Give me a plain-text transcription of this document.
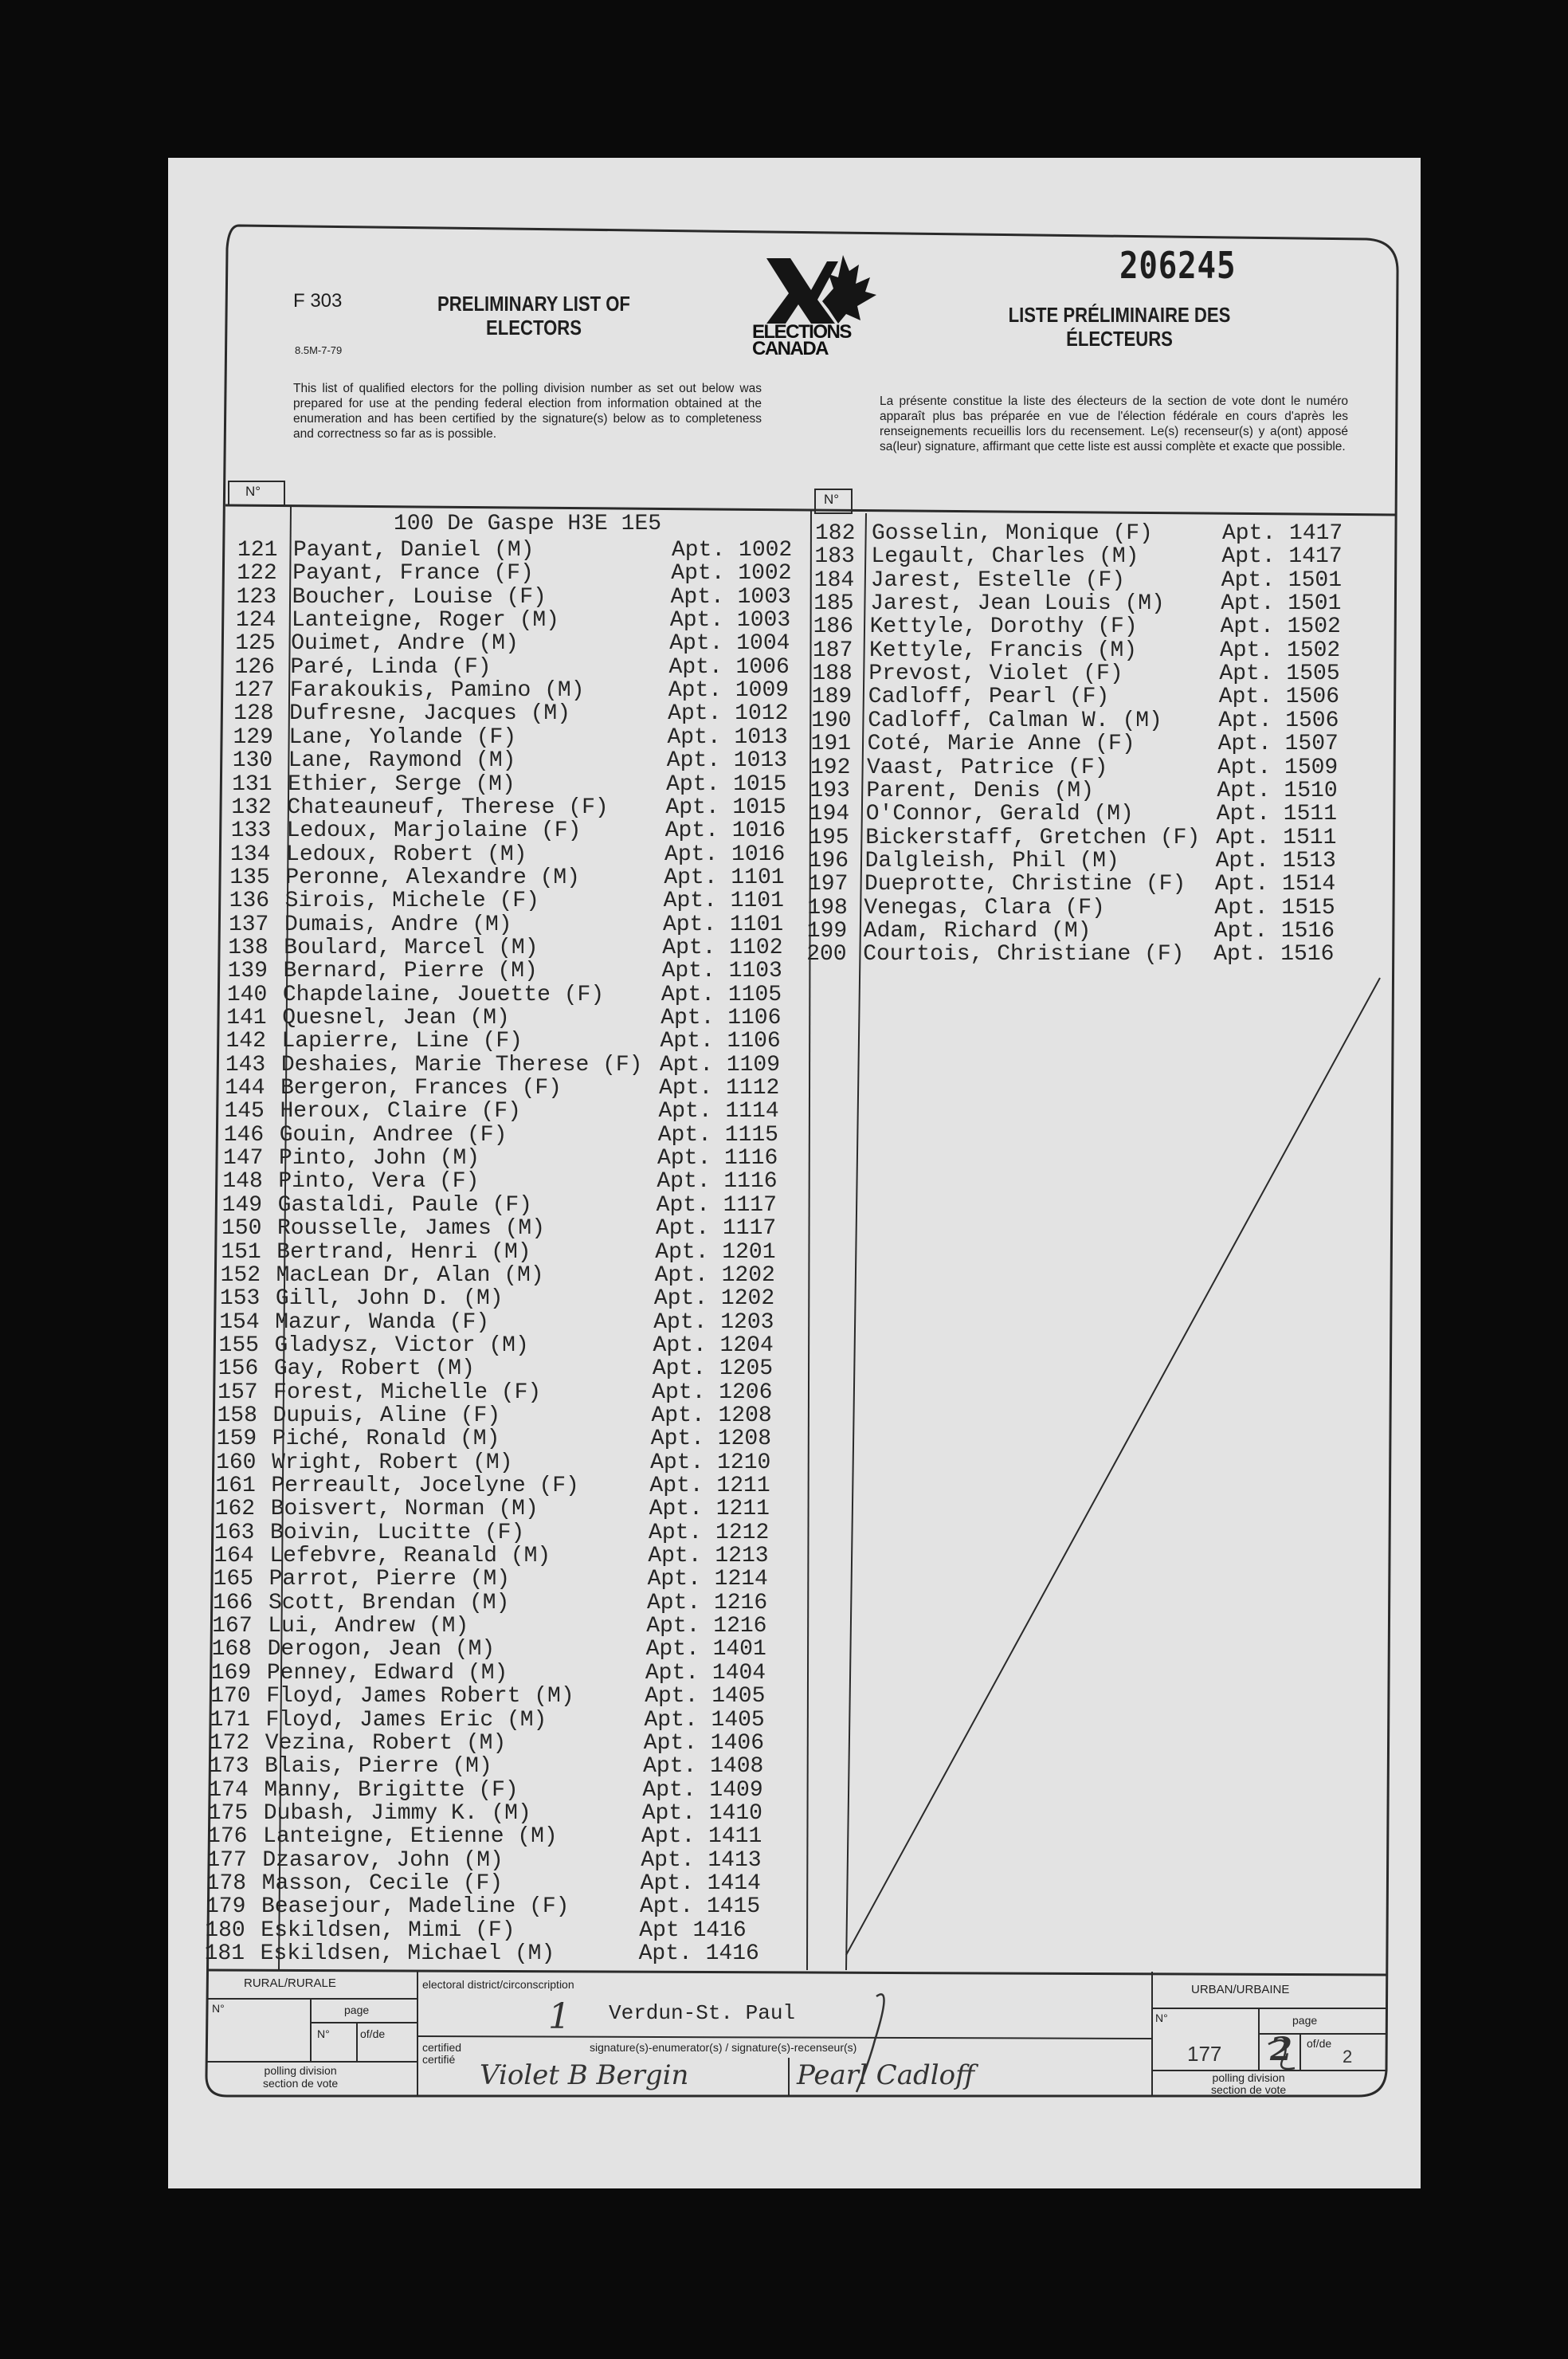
206245
F 303
8.5M-7-79
PRELIMINARY LIST OF
ELECTORS
LISTE PRÉLIMINAIRE DES
ÉLECTEURS
ELECTIONS
CANADA
This list of qualified electors for the polling division number as set out below was prepared for use at the pending federal election from information obtained at the enumeration and has been certified by the signature(s) below as to completeness and correctness so far as is possible.
La présente constitue la liste des électeurs de la section de vote dont le numéro apparaît plus bas préparée en vue de l'élection fédérale en cours d'après les renseignements recueillis lors du recensement. Le(s) recenseur(s) y a(ont) apposé sa(leur) signature, affirmant que cette liste est aussi complète et exacte que possible.
N°
N°
100 De Gaspe H3E 1E5
121 Payant, Daniel (M)	Apt. 1002
122 Payant, France (F)	Apt. 1002
123 Boucher, Louise (F)	Apt. 1003
124 Lanteigne, Roger (M)	Apt. 1003
125 Ouimet, Andre (M)	Apt. 1004
126 Paré, Linda (F)	Apt. 1006
127 Farakoukis, Pamino (M)	Apt. 1009
128 Dufresne, Jacques (M)	Apt. 1012
129 Lane, Yolande (F)	Apt. 1013
130 Lane, Raymond (M)	Apt. 1013
131 Ethier, Serge (M)	Apt. 1015
132 Chateauneuf, Therese (F)	Apt. 1015
133 Ledoux, Marjolaine (F)	Apt. 1016
134 Ledoux, Robert (M)	Apt. 1016
135 Peronne, Alexandre (M)	Apt. 1101
136 Sirois, Michele (F)	Apt. 1101
137 Dumais, Andre (M)	Apt. 1101
138 Boulard, Marcel (M)	Apt. 1102
139 Bernard, Pierre (M)	Apt. 1103
140 Chapdelaine, Jouette (F)	Apt. 1105
141 Quesnel, Jean (M)	Apt. 1106
142 Lapierre, Line (F)	Apt. 1106
143 Deshaies, Marie Therese (F) Apt. 1109
144 Bergeron, Frances (F)	Apt. 1112
145 Heroux, Claire (F)	Apt. 1114
146 Gouin, Andree (F)	Apt. 1115
147 Pinto, John (M)	Apt. 1116
148 Pinto, Vera (F)	Apt. 1116
149 Gastaldi, Paule (F)	Apt. 1117
150 Rousselle, James (M)	Apt. 1117
151 Bertrand, Henri (M)	Apt. 1201
152 MacLean Dr, Alan (M)	Apt. 1202
153 Gill, John D. (M)	Apt. 1202
154 Mazur, Wanda (F)	Apt. 1203
155 Gladysz, Victor (M)	Apt. 1204
156 Gay, Robert (M)	Apt. 1205
157 Forest, Michelle (F)	Apt. 1206
158 Dupuis, Aline (F)	Apt. 1208
159 Piché, Ronald (M)	Apt. 1208
160 Wright, Robert (M)	Apt. 1210
161 Perreault, Jocelyne (F)	Apt. 1211
162 Boisvert, Norman (M)	Apt. 1211
163 Boivin, Lucitte (F)	Apt. 1212
164 Lefebvre, Reanald (M)	Apt. 1213
165 Parrot, Pierre (M)	Apt. 1214
166 Scott, Brendan (M)	Apt. 1216
167 Lui, Andrew (M)	Apt. 1216
168 Derogon, Jean (M)	Apt. 1401
169 Penney, Edward (M)	Apt. 1404
170 Floyd, James Robert (M)	Apt. 1405
171 Floyd, James Eric (M)	Apt. 1405
172 Vezina, Robert (M)	Apt. 1406
173 Blais, Pierre (M)	Apt. 1408
174 Manny, Brigitte (F)	Apt. 1409
175 Dubash, Jimmy K. (M)	Apt. 1410
176 Lanteigne, Etienne (M)	Apt. 1411
177 Dzasarov, John (M)	Apt. 1413
178 Masson, Cecile (F)	Apt. 1414
179 Beasejour, Madeline (F)	Apt. 1415
180 Eskildsen, Mimi (F)	Apt 1416
181 Eskildsen, Michael (M)	Apt. 1416
182 Gosselin, Monique (F)	Apt. 1417
183 Legault, Charles (M)	Apt. 1417
184 Jarest, Estelle (F)	Apt. 1501
185 Jarest, Jean Louis (M)	Apt. 1501
186 Kettyle, Dorothy (F)	Apt. 1502
187 Kettyle, Francis (M)	Apt. 1502
188 Prevost, Violet (F)	Apt. 1505
189 Cadloff, Pearl (F)	Apt. 1506
190 Cadloff, Calman W. (M)	Apt. 1506
191 Coté, Marie Anne (F)	Apt. 1507
192 Vaast, Patrice (F)	Apt. 1509
193 Parent, Denis (M)	Apt. 1510
194 O'Connor, Gerald (M)	Apt. 1511
195 Bickerstaff, Gretchen (F) Apt. 1511
196 Dalgleish, Phil (M)	Apt. 1513
197 Dueprotte, Christine (F) Apt. 1514
198 Venegas, Clara (F)	Apt. 1515
199 Adam, Richard (M)	Apt. 1516
200 Courtois, Christiane (F) Apt. 1516
RURAL/RURALE
N°	page
N°	of/de
polling division
section de vote
electoral district/circonscription
1 Verdun-St. Paul
certified
certifié
signature(s)-enumerator(s) / signature(s)-recenseur(s)
Violet B Bergin	Pearl Cadloff
URBAN/URBAINE
N°	page
177 2 of/de
2
polling division
section de vote
